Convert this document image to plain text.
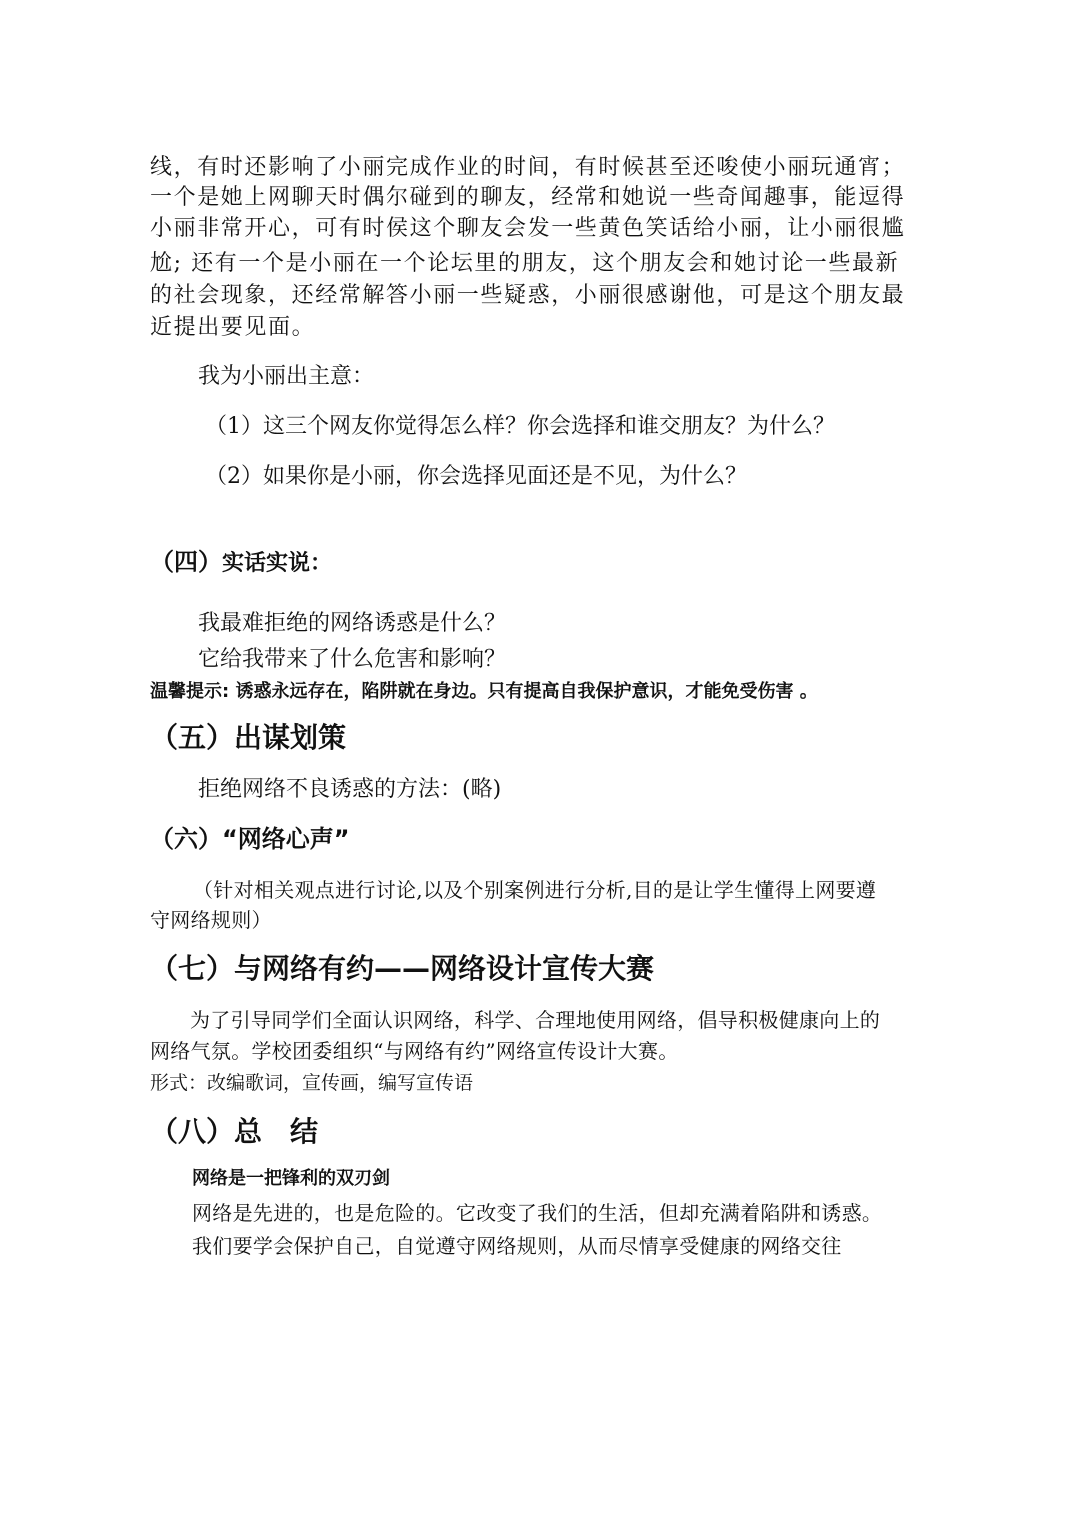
线，有时还影响了小丽完成作业的时间，有时候甚至还唆使小丽玩通宵；
一个是她上网聊天时偶尔碰到的聊友，经常和她说一些奇闻趣事，能逗得
小丽非常开心，可有时侯这个聊友会发一些黄色笑话给小丽，让小丽很尴
尬; 还有一个是小丽在一个论坛里的朋友，这个朋友会和她讨论一些最新
的社会现象，还经常解答小丽一些疑惑，小丽很感谢他，可是这个朋友最
近提出要见面。
我为小丽出主意：
（1）这三个网友你觉得怎么样？你会选择和谁交朋友？为什么？
（2）如果你是小丽，你会选择见面还是不见，为什么？
（四）实话实说：
我最难拒绝的网络诱惑是什么？
它给我带来了什么危害和影响？
温馨提示: 诱惑永远存在，陷阱就在身边。只有提高自我保护意识，才能免受伤害 。
（五）出谋划策
拒绝网络不良诱惑的方法：(略)
（六）“网络心声”
（针对相关观点进行讨论,以及个别案例进行分析,目的是让学生懂得上网要遵
守网络规则）
（七）与网络有约——网络设计宣传大赛
为了引导同学们全面认识网络，科学、合理地使用网络，倡导积极健康向上的
网络气氛。学校团委组织“与网络有约”网络宣传设计大赛。
形式：改编歌词，宣传画，编写宣传语
（八）总　结
网络是一把锋利的双刃剑
网络是先进的，也是危险的。它改变了我们的生活，但却充满着陷阱和诱惑。
我们要学会保护自己，自觉遵守网络规则，从而尽情享受健康的网络交往
